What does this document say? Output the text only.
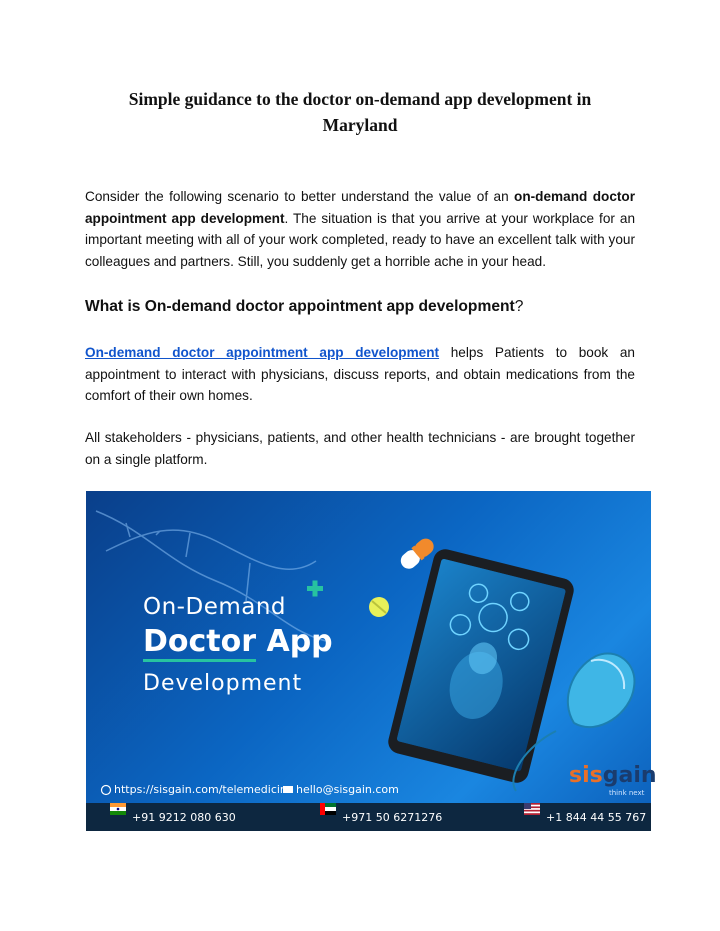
Simple guidance to the doctor on-demand app development in Maryland

Consider the following scenario to better understand the value of an on-demand doctor appointment app development. The situation is that you arrive at your workplace for an important meeting with all of your work completed, ready to have an excellent talk with your colleagues and partners. Still, you suddenly get a horrible ache in your head.

What is On-demand doctor appointment app development?

On-demand doctor appointment app development helps Patients to book an appointment to interact with physicians, discuss reports, and obtain medications from the comfort of their own homes.

All stakeholders - physicians, patients, and other health technicians - are brought together on a single platform.

On-Demand
Doctor App
Development
sisgain
think next
https://sisgain.com/telemedicine hello@sisgain.com
+91 9212 080 630	+971 50 6271276	+1 844 44 55 767
